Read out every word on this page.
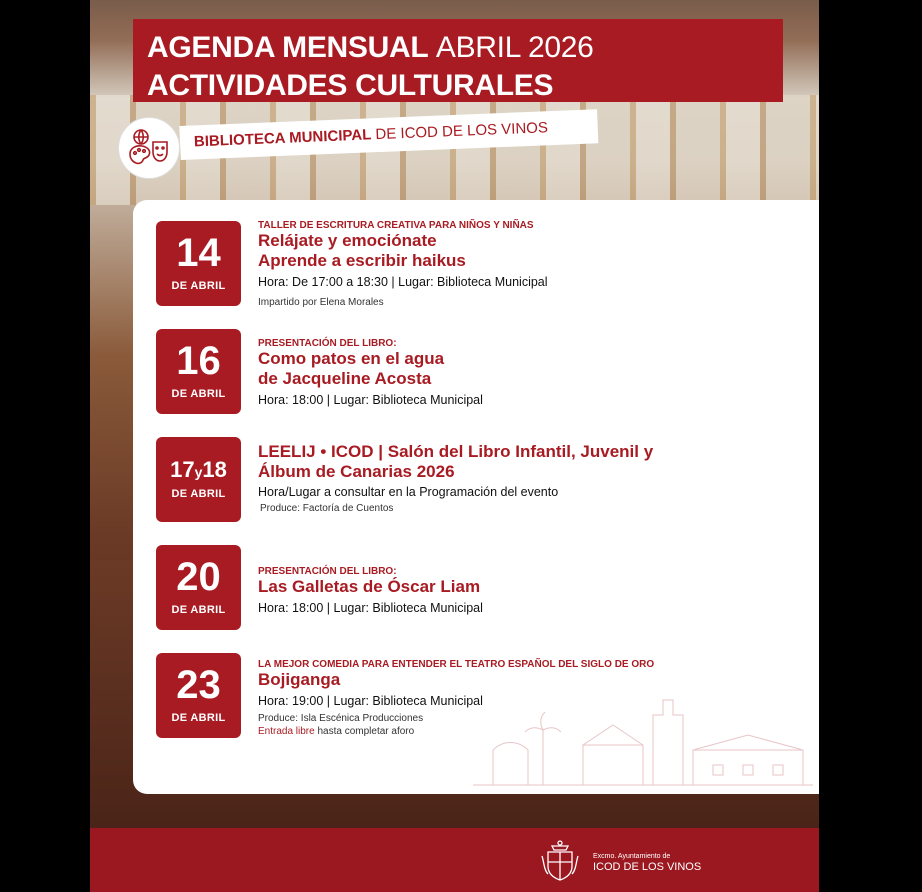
AGENDA MENSUAL ABRIL 2026
ACTIVIDADES CULTURALES
BIBLIOTECA MUNICIPAL DE ICOD DE LOS VINOS
14
DE ABRIL
TALLER DE ESCRITURA CREATIVA PARA NIÑOS Y NIÑAS
Relájate y emociónate
Aprende a escribir haikus
Hora: De 17:00 a 18:30 | Lugar: Biblioteca Municipal
Impartido por Elena Morales
16
DE ABRIL
PRESENTACIÓN DEL LIBRO:
Como patos en el agua
de Jacqueline Acosta
Hora: 18:00 | Lugar: Biblioteca Municipal
17y18
DE ABRIL
LEELIJ • ICOD | Salón del Libro Infantil, Juvenil y
Álbum de Canarias 2026
Hora/Lugar a consultar en la Programación del evento
Produce: Factoría de Cuentos
20
DE ABRIL
PRESENTACIÓN DEL LIBRO:
Las Galletas de Óscar Liam
Hora: 18:00 | Lugar: Biblioteca Municipal
23
DE ABRIL
LA MEJOR COMEDIA PARA ENTENDER EL TEATRO ESPAÑOL DEL SIGLO DE ORO
Bojiganga
Hora: 19:00 | Lugar: Biblioteca Municipal
Produce: Isla Escénica Producciones
Entrada libre hasta completar aforo
Excmo. Ayuntamiento de
ICOD DE LOS VINOS
